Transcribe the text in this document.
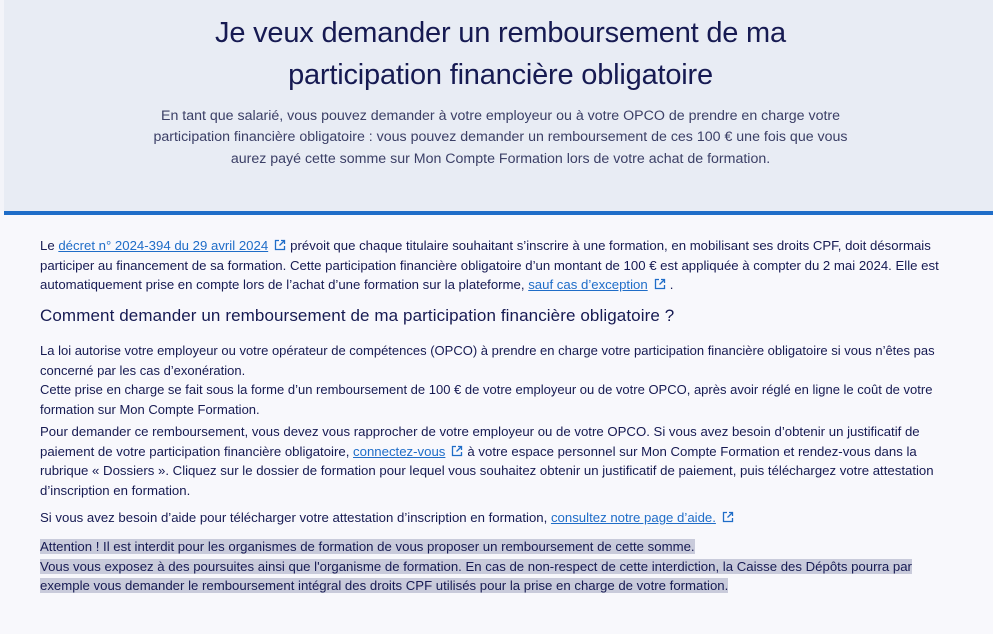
Je veux demander un remboursement de ma
participation financière obligatoire

En tant que salarié, vous pouvez demander à votre employeur ou à votre OPCO de prendre en charge votre participation financière obligatoire : vous pouvez demander un remboursement de ces 100 € une fois que vous aurez payé cette somme sur Mon Compte Formation lors de votre achat de formation.

Le décret n° 2024-394 du 29 avril 2024 prévoit que chaque titulaire souhaitant s’inscrire à une formation, en mobilisant ses droits CPF, doit désormais participer au financement de sa formation. Cette participation financière obligatoire d’un montant de 100 € est appliquée à compter du 2 mai 2024. Elle est automatiquement prise en compte lors de l’achat d’une formation sur la plateforme, sauf cas d’exception .

Comment demander un remboursement de ma participation financière obligatoire ?

La loi autorise votre employeur ou votre opérateur de compétences (OPCO) à prendre en charge votre participation financière obligatoire si vous n’êtes pas concerné par les cas d’exonération.

Cette prise en charge se fait sous la forme d’un remboursement de 100 € de votre employeur ou de votre OPCO, après avoir réglé en ligne le coût de votre formation sur Mon Compte Formation.

Pour demander ce remboursement, vous devez vous rapprocher de votre employeur ou de votre OPCO. Si vous avez besoin d’obtenir un justificatif de paiement de votre participation financière obligatoire, connectez-vous à votre espace personnel sur Mon Compte Formation et rendez-vous dans la rubrique « Dossiers ». Cliquez sur le dossier de formation pour lequel vous souhaitez obtenir un justificatif de paiement, puis téléchargez votre attestation d’inscription en formation.

Si vous avez besoin d’aide pour télécharger votre attestation d’inscription en formation, consultez notre page d’aide.

Attention ! Il est interdit pour les organismes de formation de vous proposer un remboursement de cette somme.
Vous vous exposez à des poursuites ainsi que l'organisme de formation. En cas de non-respect de cette interdiction, la Caisse des Dépôts pourra par exemple vous demander le remboursement intégral des droits CPF utilisés pour la prise en charge de votre formation.
